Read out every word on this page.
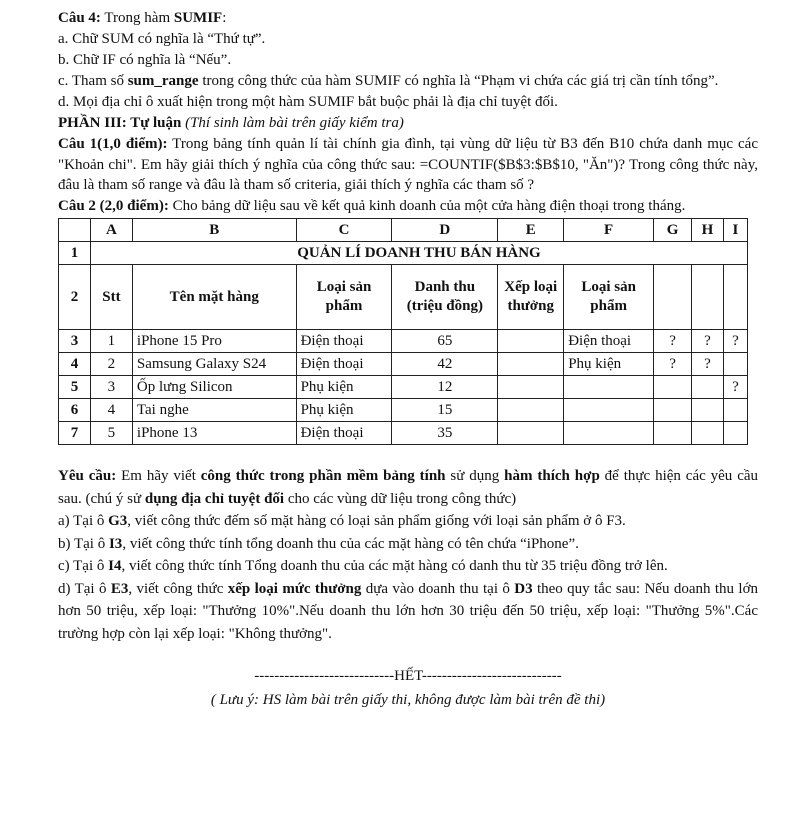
Câu 4: Trong hàm SUMIF:

a. Chữ SUM có nghĩa là “Thứ tự”.

b. Chữ IF có nghĩa là “Nếu”.

c. Tham số sum_range trong công thức của hàm SUMIF có nghĩa là “Phạm vi chứa các giá trị cần tính tổng”.

d. Mọi địa chỉ ô xuất hiện trong một hàm SUMIF bắt buộc phải là địa chỉ tuyệt đối.

PHẦN III: Tự luận (Thí sinh làm bài trên giấy kiểm tra)

Câu 1(1,0 điểm): Trong bảng tính quản lí tài chính gia đình, tại vùng dữ liệu từ B3 đến B10 chứa danh mục các "Khoản chi". Em hãy giải thích ý nghĩa của công thức sau: =COUNTIF($B$3:$B$10, "Ăn")? Trong công thức này, đâu là tham số range và đâu là tham số criteria, giải thích ý nghĩa các tham số ?

Câu 2 (2,0 điểm): Cho bảng dữ liệu sau về kết quả kinh doanh của một cửa hàng điện thoại trong tháng.

	A	B	C	D	E	F	G	H	I
1	QUẢN LÍ DOANH THU BÁN HÀNG								
2	Stt	Tên mặt hàng	Loại sản phẩm	Danh thu (triệu đồng)	Xếp loại thưởng	Loại sản phẩm			
3	1	iPhone 15 Pro	Điện thoại	65		Điện thoại	?	?	?
4	2	Samsung Galaxy S24	Điện thoại	42		Phụ kiện	?	?	
5	3	Ốp lưng Silicon	Phụ kiện	12					?
6	4	Tai nghe	Phụ kiện	15					
7	5	iPhone 13	Điện thoại	35					

Yêu cầu: Em hãy viết công thức trong phần mềm bảng tính sử dụng hàm thích hợp để thực hiện các yêu cầu sau. (chú ý sử dụng địa chỉ tuyệt đối cho các vùng dữ liệu trong công thức)

a) Tại ô G3, viết công thức đếm số mặt hàng có loại sản phẩm giống với loại sản phẩm ở ô F3.

b) Tại ô I3, viết công thức tính tổng doanh thu của các mặt hàng có tên chứa “iPhone”.

c) Tại ô I4, viết công thức tính Tổng doanh thu của các mặt hàng có danh thu từ 35 triệu đồng trở lên.

d) Tại ô E3, viết công thức xếp loại mức thưởng dựa vào doanh thu tại ô D3 theo quy tắc sau: Nếu doanh thu lớn hơn 50 triệu, xếp loại: "Thưởng 10%".Nếu doanh thu lớn hơn 30 triệu đến 50 triệu, xếp loại: "Thưởng 5%".Các trường hợp còn lại xếp loại: "Không thưởng".

----------------------------HẾT----------------------------

( Lưu ý: HS làm bài trên giấy thi, không được làm bài trên đề thi)
